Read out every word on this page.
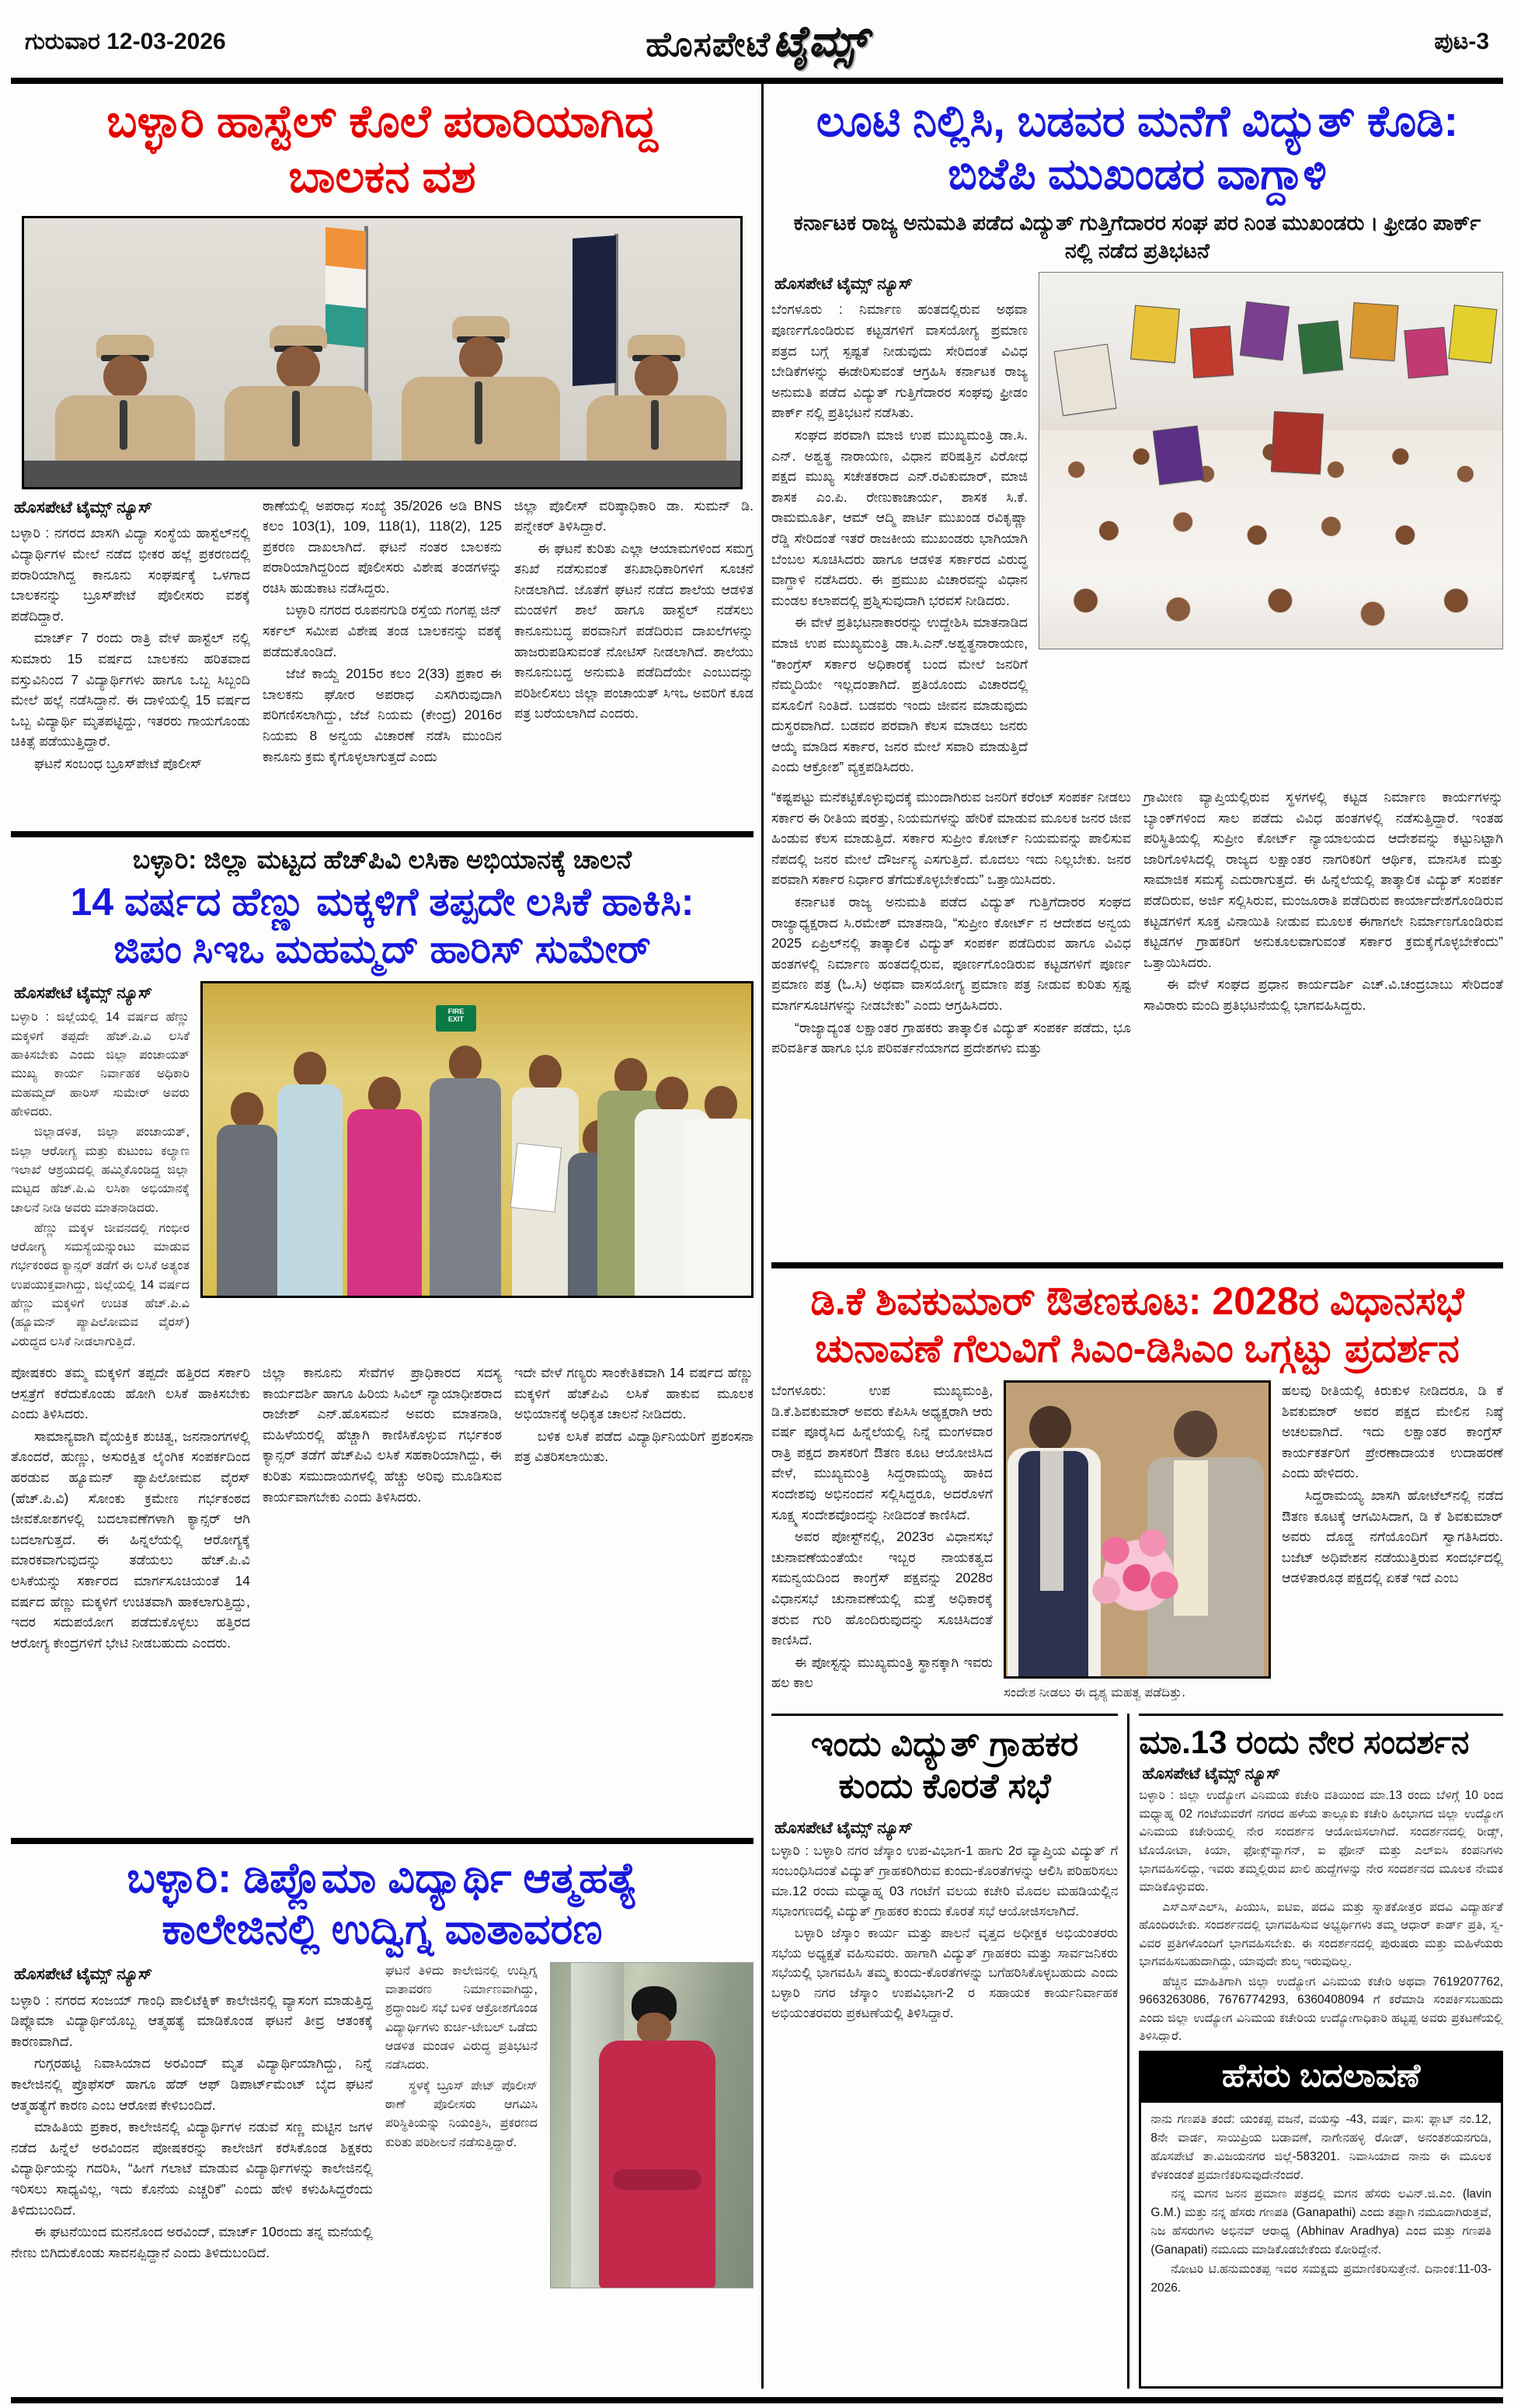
ಗುರುವಾರ 12-03-2026	ಹೊಸಪೇಟೆ ಟೈಮ್ಸ್	ಪುಟ-3
ಬಳ್ಳಾರಿ ಹಾಸ್ಟೆಲ್ ಕೊಲೆ ಪರಾರಿಯಾಗಿದ್ದ ಬಾಲಕನ ವಶ
ಹೊಸಪೇಟೆ ಟೈಮ್ಸ್ ನ್ಯೂಸ್

ಬಳ್ಳಾರಿ : ನಗರದ ಖಾಸಗಿ ವಿದ್ಯಾ ಸಂಸ್ಥೆಯ ಹಾಸ್ಟೆಲ್‌ನಲ್ಲಿ ವಿದ್ಯಾರ್ಥಿಗಳ ಮೇಲೆ ನಡೆದ ಭೀಕರ ಹಲ್ಲೆ ಪ್ರಕರಣದಲ್ಲಿ ಪರಾರಿಯಾಗಿದ್ದ ಕಾನೂನು ಸಂಘರ್ಷಕ್ಕೆ ಒಳಗಾದ ಬಾಲಕನನ್ನು ಬ್ರೂಸ್‌ಪೇಟೆ ಪೊಲೀಸರು ವಶಕ್ಕೆ ಪಡೆದಿದ್ದಾರೆ.

ಮಾರ್ಚ್ 7 ರಂದು ರಾತ್ರಿ ವೇಳೆ ಹಾಸ್ಟೆಲ್ ನಲ್ಲಿ ಸುಮಾರು 15 ವರ್ಷದ ಬಾಲಕನು ಹರಿತವಾದ ವಸ್ತುವಿನಿಂದ 7 ವಿದ್ಯಾರ್ಥಿಗಳು ಹಾಗೂ ಒಬ್ಬ ಸಿಬ್ಬಂದಿ ಮೇಲೆ ಹಲ್ಲೆ ನಡೆಸಿದ್ದಾನೆ. ಈ ದಾಳಿಯಲ್ಲಿ 15 ವರ್ಷದ ಒಬ್ಬ ವಿದ್ಯಾರ್ಥಿ ಮೃತಪಟ್ಟಿದ್ದು, ಇತರರು ಗಾಯಗೊಂಡು ಚಿಕಿತ್ಸೆ ಪಡೆಯುತ್ತಿದ್ದಾರೆ.

ಘಟನೆ ಸಂಬಂಧ ಬ್ರೂಸ್‌ಪೇಟೆ ಪೊಲೀಸ್

ಠಾಣೆಯಲ್ಲಿ ಅಪರಾಧ ಸಂಖ್ಯೆ 35/2026 ಅಡಿ BNS ಕಲಂ 103(1), 109, 118(1), 118(2), 125 ಪ್ರಕರಣ ದಾಖಲಾಗಿದೆ. ಘಟನೆ ನಂತರ ಬಾಲಕನು ಪರಾರಿಯಾಗಿದ್ದರಿಂದ ಪೊಲೀಸರು ವಿಶೇಷ ತಂಡಗಳನ್ನು ರಚಿಸಿ ಹುಡುಕಾಟ ನಡೆಸಿದ್ದರು.

ಬಳ್ಳಾರಿ ನಗರದ ರೂಪನಗುಡಿ ರಸ್ತೆಯ ಗಂಗಪ್ಪ ಜಿನ್ ಸರ್ಕಲ್ ಸಮೀಪ ವಿಶೇಷ ತಂಡ ಬಾಲಕನನ್ನು ವಶಕ್ಕೆ ಪಡೆದುಕೊಂಡಿದೆ.

ಜೆಜೆ ಕಾಯ್ದೆ 2015ರ ಕಲಂ 2(33) ಪ್ರಕಾರ ಈ ಬಾಲಕನು ಘೋರ ಅಪರಾಧ ಎಸಗಿರುವುದಾಗಿ ಪರಿಗಣಿಸಲಾಗಿದ್ದು, ಜೆಜೆ ನಿಯಮ (ಕೇಂದ್ರ) 2016ರ ನಿಯಮ 8 ಅನ್ವಯ ವಿಚಾರಣೆ ನಡೆಸಿ ಮುಂದಿನ ಕಾನೂನು ಕ್ರಮ ಕೈಗೊಳ್ಳಲಾಗುತ್ತದೆ ಎಂದು

ಜಿಲ್ಲಾ ಪೊಲೀಸ್ ವರಿಷ್ಠಾಧಿಕಾರಿ ಡಾ. ಸುಮನ್ ಡಿ. ಪನ್ನೇಕರ್ ತಿಳಿಸಿದ್ದಾರೆ.

ಈ ಘಟನೆ ಕುರಿತು ಎಲ್ಲಾ ಆಯಾಮಗಳಿಂದ ಸಮಗ್ರ ತನಿಖೆ ನಡೆಸುವಂತೆ ತನಿಖಾಧಿಕಾರಿಗಳಿಗೆ ಸೂಚನೆ ನೀಡಲಾಗಿದೆ. ಜೊತೆಗೆ ಘಟನೆ ನಡೆದ ಶಾಲೆಯ ಆಡಳಿತ ಮಂಡಳಿಗೆ ಶಾಲೆ ಹಾಗೂ ಹಾಸ್ಟೆಲ್ ನಡೆಸಲು ಕಾನೂನುಬದ್ಧ ಪರವಾನಿಗೆ ಪಡೆದಿರುವ ದಾಖಲೆಗಳನ್ನು ಹಾಜರುಪಡಿಸುವಂತೆ ನೋಟಿಸ್ ನೀಡಲಾಗಿದೆ. ಶಾಲೆಯು ಕಾನೂನುಬದ್ಧ ಅನುಮತಿ ಪಡೆದಿದೆಯೇ ಎಂಬುದನ್ನು ಪರಿಶೀಲಿಸಲು ಜಿಲ್ಲಾ ಪಂಚಾಯತ್ ಸಿಇಒ ಅವರಿಗೆ ಕೂಡ ಪತ್ರ ಬರೆಯಲಾಗಿದೆ ಎಂದರು.

ಬಳ್ಳಾರಿ: ಜಿಲ್ಲಾ ಮಟ್ಟದ ಹೆಚ್‌ಪಿವಿ ಲಸಿಕಾ ಅಭಿಯಾನಕ್ಕೆ ಚಾಲನೆ
14 ವರ್ಷದ ಹೆಣ್ಣು ಮಕ್ಕಳಿಗೆ ತಪ್ಪದೇ ಲಸಿಕೆ ಹಾಕಿಸಿ: ಜಿಪಂ ಸಿಇಒ ಮಹಮ್ಮದ್ ಹಾರಿಸ್ ಸುಮೇರ್
ಹೊಸಪೇಟೆ ಟೈಮ್ಸ್ ನ್ಯೂಸ್

ಬಳ್ಳಾರಿ : ಜಿಲ್ಲೆಯಲ್ಲಿ 14 ವರ್ಷದ ಹೆಣ್ಣು ಮಕ್ಕಳಿಗೆ ತಪ್ಪದೇ ಹೆಚ್.ಪಿ.ವಿ ಲಸಿಕೆ ಹಾಕಿಸಬೇಕು ಎಂದು ಜಿಲ್ಲಾ ಪಂಚಾಯತ್ ಮುಖ್ಯ ಕಾರ್ಯ ನಿರ್ವಾಹಕ ಅಧಿಕಾರಿ ಮಹಮ್ಮದ್ ಹಾರಿಸ್ ಸುಮೇರ್ ಅವರು ಹೇಳಿದರು.

ಜಿಲ್ಲಾಡಳಿತ, ಜಿಲ್ಲಾ ಪಂಚಾಯತ್, ಜಿಲ್ಲಾ ಆರೋಗ್ಯ ಮತ್ತು ಕುಟುಂಬ ಕಲ್ಯಾಣ ಇಲಾಖೆ ಆಶ್ರಯದಲ್ಲಿ ಹಮ್ಮಿಕೊಂಡಿದ್ದ ಜಿಲ್ಲಾ ಮಟ್ಟದ ಹೆಚ್.ಪಿ.ವಿ ಲಸಿಕಾ ಅಭಿಯಾನಕ್ಕೆ ಚಾಲನೆ ನೀಡಿ ಅವರು ಮಾತನಾಡಿದರು.

ಹೆಣ್ಣು ಮಕ್ಕಳ ಜೀವನದಲ್ಲಿ ಗಂಭೀರ ಆರೋಗ್ಯ ಸಮಸ್ಯೆಯನ್ನುಂಟು ಮಾಡುವ ಗರ್ಭಕಂಠದ ಕ್ಯಾನ್ಸರ್ ತಡೆಗೆ ಈ ಲಸಿಕೆ ಅತ್ಯಂತ ಉಪಯುಕ್ತವಾಗಿದ್ದು, ಜಿಲ್ಲೆಯಲ್ಲಿ 14 ವರ್ಷದ ಹೆಣ್ಣು ಮಕ್ಕಳಿಗೆ ಉಚಿತ ಹೆಚ್.ಪಿ.ವಿ (ಹ್ಯೂಮನ್ ಪ್ಯಾಪಿಲೋಮವ ವೈರಸ್) ವಿರುದ್ಧದ ಲಸಿಕೆ ನೀಡಲಾಗುತ್ತಿದೆ.

FIRE
EXIT

ಪೋಷಕರು ತಮ್ಮ ಮಕ್ಕಳಿಗೆ ತಪ್ಪದೇ ಹತ್ತಿರದ ಸರ್ಕಾರಿ ಆಸ್ಪತ್ರೆಗೆ ಕರೆದುಕೊಂಡು ಹೋಗಿ ಲಸಿಕೆ ಹಾಕಿಸಬೇಕು ಎಂದು ತಿಳಿಸಿದರು.

ಸಾಮಾನ್ಯವಾಗಿ ವೈಯಕ್ತಿಕ ಶುಚಿತ್ವ, ಜನನಾಂಗಗಳಲ್ಲಿ ತೊಂದರೆ, ಹುಣ್ಣು, ಅಸುರಕ್ಷಿತ ಲೈಂಗಿಕ ಸಂಪರ್ಕದಿಂದ ಹರಡುವ ಹ್ಯೂಮನ್ ಪ್ಯಾಪಿಲೋಮವ ವೈರಸ್ (ಹೆಚ್.ಪಿ.ವಿ) ಸೋಂಕು ಕ್ರಮೇಣ ಗರ್ಭಕಂಠದ ಜೀವಕೋಶಗಳಲ್ಲಿ ಬದಲಾವಣೆಗಳಾಗಿ ಕ್ಯಾನ್ಸರ್ ಆಗಿ ಬದಲಾಗುತ್ತದೆ. ಈ ಹಿನ್ನಲೆಯಲ್ಲಿ ಆರೋಗ್ಯಕ್ಕೆ ಮಾರಕವಾಗುವುದನ್ನು ತಡೆಯಲು ಹೆಚ್.ಪಿ.ವಿ ಲಸಿಕೆಯನ್ನು ಸರ್ಕಾರದ ಮಾರ್ಗಸೂಚಿಯಂತೆ 14 ವರ್ಷದ ಹೆಣ್ಣು ಮಕ್ಕಳಿಗೆ ಉಚಿತವಾಗಿ ಹಾಕಲಾಗುತ್ತಿದ್ದು, ಇದರ ಸದುಪಯೋಗ ಪಡೆದುಕೊಳ್ಳಲು ಹತ್ತಿರದ ಆರೋಗ್ಯ ಕೇಂದ್ರಗಳಿಗೆ ಭೇಟಿ ನೀಡಬಹುದು ಎಂದರು.

ಜಿಲ್ಲಾ ಕಾನೂನು ಸೇವೆಗಳ ಪ್ರಾಧಿಕಾರದ ಸದಸ್ಯ ಕಾರ್ಯದರ್ಶಿ ಹಾಗೂ ಹಿರಿಯ ಸಿವಿಲ್ ನ್ಯಾಯಾಧೀಶರಾದ ರಾಜೇಶ್ ಎನ್.ಹೊಸಮನೆ ಅವರು ಮಾತನಾಡಿ, ಮಹಿಳೆಯರಲ್ಲಿ ಹೆಚ್ಚಾಗಿ ಕಾಣಿಸಿಕೊಳ್ಳುವ ಗರ್ಭಕಂಠ ಕ್ಯಾನ್ಸರ್ ತಡೆಗೆ ಹೆಚ್‌ಪಿವಿ ಲಸಿಕೆ ಸಹಕಾರಿಯಾಗಿದ್ದು, ಈ ಕುರಿತು ಸಮುದಾಯಗಳಲ್ಲಿ ಹೆಚ್ಚು ಅರಿವು ಮೂಡಿಸುವ ಕಾರ್ಯವಾಗಬೇಕು ಎಂದು ತಿಳಿಸಿದರು.

ಇದೇ ವೇಳೆ ಗಣ್ಯರು ಸಾಂಕೇತಿಕವಾಗಿ 14 ವರ್ಷದ ಹೆಣ್ಣು ಮಕ್ಕಳಿಗೆ ಹೆಚ್‌ಪಿವಿ ಲಸಿಕೆ ಹಾಕುವ ಮೂಲಕ ಅಭಿಯಾನಕ್ಕೆ ಅಧಿಕೃತ ಚಾಲನೆ ನೀಡಿದರು.

ಬಳಿಕ ಲಸಿಕೆ ಪಡೆದ ವಿದ್ಯಾರ್ಥಿನಿಯರಿಗೆ ಪ್ರಶಂಸನಾ ಪತ್ರ ವಿತರಿಸಲಾಯಿತು.

ಬಳ್ಳಾರಿ: ಡಿಪ್ಲೊಮಾ ವಿದ್ಯಾರ್ಥಿ ಆತ್ಮಹತ್ಯೆ ಕಾಲೇಜಿನಲ್ಲಿ ಉದ್ವಿಗ್ನ ವಾತಾವರಣ
ಹೊಸಪೇಟೆ ಟೈಮ್ಸ್ ನ್ಯೂಸ್

ಬಳ್ಳಾರಿ : ನಗರದ ಸಂಜಯ್ ಗಾಂಧಿ ಪಾಲಿಟೆಕ್ನಿಕ್ ಕಾಲೇಜಿನಲ್ಲಿ ವ್ಯಾಸಂಗ ಮಾಡುತ್ತಿದ್ದ ಡಿಪ್ಲೊಮಾ ವಿದ್ಯಾರ್ಥಿಯೊಬ್ಬ ಆತ್ಮಹತ್ಯೆ ಮಾಡಿಕೊಂಡ ಘಟನೆ ತೀವ್ರ ಆತಂಕಕ್ಕೆ ಕಾರಣವಾಗಿದೆ.

ಗುಗ್ಗರಹಟ್ಟಿ ನಿವಾಸಿಯಾದ ಅರವಿಂದ್ ಮೃತ ವಿದ್ಯಾರ್ಥಿಯಾಗಿದ್ದು, ನಿನ್ನೆ ಕಾಲೇಜಿನಲ್ಲಿ ಪ್ರೊಫೆಸರ್ ಹಾಗೂ ಹೆಡ್ ಆಫ್ ಡಿಪಾರ್ಟ್‌ಮೆಂಟ್ ಬೈದ ಘಟನೆ ಆತ್ಮಹತ್ಯೆಗೆ ಕಾರಣ ಎಂಬ ಆರೋಪ ಕೇಳಿಬಂದಿದೆ.

ಮಾಹಿತಿಯ ಪ್ರಕಾರ, ಕಾಲೇಜಿನಲ್ಲಿ ವಿದ್ಯಾರ್ಥಿಗಳ ನಡುವೆ ಸಣ್ಣ ಮಟ್ಟಿನ ಜಗಳ ನಡೆದ ಹಿನ್ನೆಲೆ ಅರವಿಂದನ ಪೋಷಕರನ್ನು ಕಾಲೇಜಿಗೆ ಕರೆಸಿಕೊಂಡ ಶಿಕ್ಷಕರು ವಿದ್ಯಾರ್ಥಿಯನ್ನು ಗದರಿಸಿ, “ಹೀಗೆ ಗಲಾಟೆ ಮಾಡುವ ವಿದ್ಯಾರ್ಥಿಗಳನ್ನು ಕಾಲೇಜಿನಲ್ಲಿ ಇರಿಸಲು ಸಾಧ್ಯವಿಲ್ಲ, ಇದು ಕೊನೆಯ ಎಚ್ಚರಿಕೆ” ಎಂದು ಹೇಳಿ ಕಳುಹಿಸಿದ್ದರೆಂದು ತಿಳಿದುಬಂದಿದೆ.

ಈ ಘಟನೆಯಿಂದ ಮನನೊಂದ ಅರವಿಂದ್, ಮಾರ್ಚ್ 10ರಂದು ತನ್ನ ಮನೆಯಲ್ಲಿ ನೇಣು ಬಿಗಿದುಕೊಂಡು ಸಾವನಪ್ಪಿದ್ದಾನೆ ಎಂದು ತಿಳಿದುಬಂದಿದೆ.

ಘಟನೆ ತಿಳಿದು ಕಾಲೇಜಿನಲ್ಲಿ ಉದ್ವಿಗ್ನ ವಾತಾವರಣ ನಿರ್ಮಾಣವಾಗಿದ್ದು, ಶ್ರದ್ಧಾಂಜಲಿ ಸಭೆ ಬಳಿಕ ಆಕ್ರೋಶಗೊಂಡ ವಿದ್ಯಾರ್ಥಿಗಳು ಕುರ್ಚಿ-ಟೇಬಲ್ ಒಡೆದು ಆಡಳಿತ ಮಂಡಳಿ ವಿರುದ್ಧ ಪ್ರತಿಭಟನೆ ನಡೆಸಿದರು.

ಸ್ಥಳಕ್ಕೆ ಬ್ರೂಸ್ ಪೇಟ್ ಪೊಲೀಸ್ ಠಾಣೆ ಪೊಲೀಸರು ಆಗಮಿಸಿ ಪರಿಸ್ಥಿತಿಯನ್ನು ನಿಯಂತ್ರಿಸಿ, ಪ್ರಕರಣದ ಕುರಿತು ಪರಿಶೀಲನೆ ನಡೆಸುತ್ತಿದ್ದಾರೆ.

ಲೂಟಿ ನಿಲ್ಲಿಸಿ, ಬಡವರ ಮನೆಗೆ ವಿದ್ಯುತ್ ಕೊಡಿ: ಬಿಜೆಪಿ ಮುಖಂಡರ ವಾಗ್ದಾಳಿ
ಕರ್ನಾಟಕ ರಾಜ್ಯ ಅನುಮತಿ ಪಡೆದ ವಿದ್ಯುತ್ ಗುತ್ತಿಗೆದಾರರ ಸಂಘ ಪರ ನಿಂತ ಮುಖಂಡರು । ಫ್ರೀಡಂ ಪಾರ್ಕ್ ನಲ್ಲಿ ನಡೆದ ಪ್ರತಿಭಟನೆ
ಹೊಸಪೇಟೆ ಟೈಮ್ಸ್ ನ್ಯೂಸ್

ಬೆಂಗಳೂರು : ನಿರ್ಮಾಣ ಹಂತದಲ್ಲಿರುವ ಅಥವಾ ಪೂರ್ಣಗೊಂಡಿರುವ ಕಟ್ಟಡಗಳಿಗೆ ವಾಸಯೋಗ್ಯ ಪ್ರಮಾಣ ಪತ್ರದ ಬಗ್ಗೆ ಸ್ಪಷ್ಟತೆ ನೀಡುವುದು ಸೇರಿದಂತೆ ವಿವಿಧ ಬೇಡಿಕೆಗಳನ್ನು ಈಡೇರಿಸುವಂತೆ ಆಗ್ರಹಿಸಿ ಕರ್ನಾಟಕ ರಾಜ್ಯ ಅನುಮತಿ ಪಡೆದ ವಿದ್ಯುತ್ ಗುತ್ತಿಗೆದಾರರ ಸಂಘವು ಫ್ರೀಡಂ ಪಾರ್ಕ್ ನಲ್ಲಿ ಪ್ರತಿಭಟನೆ ನಡೆಸಿತು.

ಸಂಘದ ಪರವಾಗಿ ಮಾಜಿ ಉಪ ಮುಖ್ಯಮಂತ್ರಿ ಡಾ.ಸಿ. ಎನ್. ಅಶ್ವತ್ಥ ನಾರಾಯಣ, ವಿಧಾನ ಪರಿಷತ್ತಿನ ವಿರೋಧ ಪಕ್ಷದ ಮುಖ್ಯ ಸಚೇತಕರಾದ ಎನ್.ರವಿಕುಮಾರ್, ಮಾಜಿ ಶಾಸಕ ಎಂ.ಪಿ. ರೇಣುಕಾಚಾರ್ಯ, ಶಾಸಕ ಸಿ.ಕೆ. ರಾಮಮೂರ್ತಿ, ಆಮ್ ಆದ್ಮಿ ಪಾರ್ಟಿ ಮುಖಂಡ ರವಿಕೃಷ್ಣಾ ರೆಡ್ಡಿ ಸೇರಿದಂತೆ ಇತರೆ ರಾಜಕೀಯ ಮುಖಂಡರು ಭಾಗಿಯಾಗಿ ಬೆಂಬಲ ಸೂಚಿಸಿದರು ಹಾಗೂ ಆಡಳಿತ ಸರ್ಕಾರದ ವಿರುದ್ಧ ವಾಗ್ದಾಳಿ ನಡೆಸಿದರು. ಈ ಪ್ರಮುಖ ವಿಚಾರವನ್ನು ವಿಧಾನ ಮಂಡಲ ಕಲಾಪದಲ್ಲಿ ಪ್ರಶ್ನಿಸುವುದಾಗಿ ಭರವಸೆ ನೀಡಿದರು.

ಈ ವೇಳೆ ಪ್ರತಿಭಟನಾಕಾರರನ್ನು ಉದ್ದೇಶಿಸಿ ಮಾತನಾಡಿದ ಮಾಜಿ ಉಪ ಮುಖ್ಯಮಂತ್ರಿ ಡಾ.ಸಿ.ಎನ್.ಅಶ್ವತ್ಥನಾರಾಯಣ, “ಕಾಂಗ್ರೆಸ್ ಸರ್ಕಾರ ಅಧಿಕಾರಕ್ಕೆ ಬಂದ ಮೇಲೆ ಜನರಿಗೆ ನೆಮ್ಮದಿಯೇ ಇಲ್ಲದಂತಾಗಿದೆ. ಪ್ರತಿಯೊಂದು ವಿಚಾರದಲ್ಲಿ ವಸೂಲಿಗೆ ನಿಂತಿದೆ. ಬಡವರು ಇಂದು ಜೀವನ ಮಾಡುವುದು ದುಸ್ಥರವಾಗಿದೆ. ಬಡವರ ಪರವಾಗಿ ಕೆಲಸ ಮಾಡಲು ಜನರು ಆಯ್ಕೆ ಮಾಡಿದ ಸರ್ಕಾರ, ಜನರ ಮೇಲೆ ಸವಾರಿ ಮಾಡುತ್ತಿದೆ ಎಂದು ಆಕ್ರೋಶ” ವ್ಯಕ್ತಪಡಿಸಿದರು.

“ಕಷ್ಟಪಟ್ಟು ಮನೆಕಟ್ಟಿಕೊಳ್ಳುವುದಕ್ಕೆ ಮುಂದಾಗಿರುವ ಜನರಿಗೆ ಕರೆಂಟ್ ಸಂಪರ್ಕ ನೀಡಲು ಸರ್ಕಾರ ಈ ರೀತಿಯ ಷರತ್ತು, ನಿಯಮಗಳನ್ನು ಹೇರಿಕೆ ಮಾಡುವ ಮೂಲಕ ಜನರ ಜೀವ ಹಿಂಡುವ ಕೆಲಸ ಮಾಡುತ್ತಿದೆ. ಸರ್ಕಾರ ಸುಪ್ರೀಂ ಕೋರ್ಟ್ ನಿಯಮವನ್ನು ಪಾಲಿಸುವ ನೆಪದಲ್ಲಿ ಜನರ ಮೇಲೆ ದೌರ್ಜನ್ಯ ಎಸಗುತ್ತಿದೆ. ಮೊದಲು ಇದು ನಿಲ್ಲಬೇಕು. ಜನರ ಪರವಾಗಿ ಸರ್ಕಾರ ನಿರ್ಧಾರ ತೆಗೆದುಕೊಳ್ಳಬೇಕೆಂದು” ಒತ್ತಾಯಿಸಿದರು.

ಕರ್ನಾಟಕ ರಾಜ್ಯ ಅನುಮತಿ ಪಡೆದ ವಿದ್ಯುತ್ ಗುತ್ತಿಗೆದಾರರ ಸಂಘದ ರಾಜ್ಯಾಧ್ಯಕ್ಷರಾದ ಸಿ.ರಮೇಶ್ ಮಾತನಾಡಿ, “ಸುಪ್ರೀಂ ಕೋರ್ಟ್ ನ ಆದೇಶದ ಅನ್ವಯ 2025 ಏಪ್ರಿಲ್‌ನಲ್ಲಿ ತಾತ್ಕಾಲಿಕ ವಿದ್ಯುತ್ ಸಂಪರ್ಕ ಪಡೆದಿರುವ ಹಾಗೂ ವಿವಿಧ ಹಂತಗಳಲ್ಲಿ ನಿರ್ಮಾಣ ಹಂತದಲ್ಲಿರುವ, ಪೂರ್ಣಗೊಂಡಿರುವ ಕಟ್ಟಡಗಳಿಗೆ ಪೂರ್ಣ ಪ್ರಮಾಣ ಪತ್ರ (ಓ.ಸಿ) ಅಥವಾ ವಾಸಯೋಗ್ಯ ಪ್ರಮಾಣ ಪತ್ರ ನೀಡುವ ಕುರಿತು ಸ್ಪಷ್ಟ ಮಾರ್ಗಸೂಚಿಗಳನ್ನು ನೀಡಬೇಕು” ಎಂದು ಆಗ್ರಹಿಸಿದರು.

“ರಾಜ್ಯಾದ್ಯಂತ ಲಕ್ಷಾಂತರ ಗ್ರಾಹಕರು ತಾತ್ಕಾಲಿಕ ವಿದ್ಯುತ್ ಸಂಪರ್ಕ ಪಡೆದು, ಭೂ ಪರಿವರ್ತಿತ ಹಾಗೂ ಭೂ ಪರಿವರ್ತನೆಯಾಗದ ಪ್ರದೇಶಗಳು ಮತ್ತು

ಗ್ರಾಮೀಣ ವ್ಯಾಪ್ತಿಯಲ್ಲಿರುವ ಸ್ಥಳಗಳಲ್ಲಿ ಕಟ್ಟಡ ನಿರ್ಮಾಣ ಕಾರ್ಯಗಳನ್ನು ಬ್ಯಾಂಕ್‌ಗಳಿಂದ ಸಾಲ ಪಡೆದು ವಿವಿಧ ಹಂತಗಳಲ್ಲಿ ನಡೆಸುತ್ತಿದ್ದಾರೆ. ಇಂತಹ ಪರಿಸ್ಥಿತಿಯಲ್ಲಿ ಸುಪ್ರೀಂ ಕೋರ್ಟ್ ನ್ಯಾಯಾಲಯದ ಆದೇಶವನ್ನು ಕಟ್ಟುನಿಟ್ಟಾಗಿ ಜಾರಿಗೊಳಿಸಿದಲ್ಲಿ ರಾಜ್ಯದ ಲಕ್ಷಾಂತರ ನಾಗರಿಕರಿಗೆ ಆರ್ಥಿಕ, ಮಾನಸಿಕ ಮತ್ತು ಸಾಮಾಜಿಕ ಸಮಸ್ಯೆ ಎದುರಾಗುತ್ತದೆ. ಈ ಹಿನ್ನೆಲೆಯಲ್ಲಿ ತಾತ್ಕಾಲಿಕ ವಿದ್ಯುತ್ ಸಂಪರ್ಕ ಪಡೆದಿರುವ, ಅರ್ಜಿ ಸಲ್ಲಿಸಿರುವ, ಮಂಜೂರಾತಿ ಪಡೆದಿರುವ ಕಾರ್ಯಾದೇಶಗೊಂಡಿರುವ ಕಟ್ಟಡಗಳಿಗೆ ಸೂಕ್ತ ವಿನಾಯಿತಿ ನೀಡುವ ಮೂಲಕ ಈಗಾಗಲೇ ನಿರ್ಮಾಣಗೊಂಡಿರುವ ಕಟ್ಟಡಗಳ ಗ್ರಾಹಕರಿಗೆ ಅನುಕೂಲವಾಗುವಂತೆ ಸರ್ಕಾರ ಕ್ರಮಕೈಗೊಳ್ಳಬೇಕೆಂದು” ಒತ್ತಾಯಿಸಿದರು.

ಈ ವೇಳೆ ಸಂಘದ ಪ್ರಧಾನ ಕಾರ್ಯದರ್ಶಿ ಎಚ್.ವಿ.ಚಂದ್ರಬಾಬು ಸೇರಿದಂತೆ ಸಾವಿರಾರು ಮಂದಿ ಪ್ರತಿಭಟನೆಯಲ್ಲಿ ಭಾಗವಹಿಸಿದ್ದರು.

ಡಿ.ಕೆ ಶಿವಕುಮಾರ್ ಔತಣಕೂಟ: 2028ರ ವಿಧಾನಸಭೆ ಚುನಾವಣೆ ಗೆಲುವಿಗೆ ಸಿಎಂ-ಡಿಸಿಎಂ ಒಗ್ಗಟ್ಟು ಪ್ರದರ್ಶನ

ಬೆಂಗಳೂರು: ಉಪ ಮುಖ್ಯಮಂತ್ರಿ, ಡಿ.ಕೆ.ಶಿವಕುಮಾರ್ ಅವರು ಕೆಪಿಸಿಸಿ ಅಧ್ಯಕ್ಷರಾಗಿ ಆರು ವರ್ಷ ಪೂರೈಸಿದ ಹಿನ್ನೆಲೆಯಲ್ಲಿ ನಿನ್ನೆ ಮಂಗಳವಾರ ರಾತ್ರಿ ಪಕ್ಷದ ಶಾಸಕರಿಗೆ ಔತಣ ಕೂಟ ಆಯೋಜಿಸಿದ ವೇಳೆ, ಮುಖ್ಯಮಂತ್ರಿ ಸಿದ್ದರಾಮಯ್ಯ ಹಾಕಿದ ಸಂದೇಶವು ಅಭಿನಂದನೆ ಸಲ್ಲಿಸಿದ್ದರೂ, ಅದರೊಳಗೆ ಸೂಕ್ಷ್ಮ ಸಂದೇಶವೊಂದನ್ನು ನೀಡಿದಂತೆ ಕಾಣಿಸಿದೆ.

ಅವರ ಪೋಸ್ಟ್‌ನಲ್ಲಿ, 2023ರ ವಿಧಾನಸಭೆ ಚುನಾವಣೆಯಂತೆಯೇ ಇಬ್ಬರ ನಾಯಕತ್ವದ ಸಮನ್ವಯದಿಂದ ಕಾಂಗ್ರೆಸ್ ಪಕ್ಷವನ್ನು 2028ರ ವಿಧಾನಸಭೆ ಚುನಾವಣೆಯಲ್ಲಿ ಮತ್ತೆ ಅಧಿಕಾರಕ್ಕೆ ತರುವ ಗುರಿ ಹೊಂದಿರುವುದನ್ನು ಸೂಚಿಸಿದಂತೆ ಕಾಣಿಸಿದೆ.

ಈ ಪೋಸ್ಟನ್ನು ಮುಖ್ಯಮಂತ್ರಿ ಸ್ಥಾನಕ್ಕಾಗಿ ಇವರು ಹಲ ಕಾಲ

ಸಂದೇಶ ನೀಡಲು ಈ ದೃಶ್ಯ ಮಹತ್ವ ಪಡೆದಿತ್ತು.

ಹಲವು ರೀತಿಯಲ್ಲಿ ಕಿರುಕುಳ ನೀಡಿದರೂ, ಡಿ ಕೆ ಶಿವಕುಮಾರ್ ಅವರ ಪಕ್ಷದ ಮೇಲಿನ ನಿಷ್ಠೆ ಅಚಲವಾಗಿದೆ. ಇದು ಲಕ್ಷಾಂತರ ಕಾಂಗ್ರೆಸ್ ಕಾರ್ಯಕರ್ತರಿಗೆ ಪ್ರೇರಣಾದಾಯಕ ಉದಾಹರಣೆ ಎಂದು ಹೇಳಿದರು.

ಸಿದ್ದರಾಮಯ್ಯ ಖಾಸಗಿ ಹೋಟೆಲ್‌ನಲ್ಲಿ ನಡೆದ ಔತಣ ಕೂಟಕ್ಕೆ ಆಗಮಿಸಿದಾಗ, ಡಿ ಕೆ ಶಿವಕುಮಾರ್ ಅವರು ದೊಡ್ಡ ನಗೆಯೊಂದಿಗೆ ಸ್ವಾಗತಿಸಿದರು. ಬಜೆಟ್ ಅಧಿವೇಶನ ನಡೆಯುತ್ತಿರುವ ಸಂದರ್ಭದಲ್ಲಿ ಆಡಳಿತಾರೂಢ ಪಕ್ಷದಲ್ಲಿ ಏಕತೆ ಇದೆ ಎಂಬ

ಇಂದು ವಿದ್ಯುತ್ ಗ್ರಾಹಕರ ಕುಂದು ಕೊರತೆ ಸಭೆ
ಹೊಸಪೇಟೆ ಟೈಮ್ಸ್ ನ್ಯೂಸ್

ಬಳ್ಳಾರಿ : ಬಳ್ಳಾರಿ ನಗರ ಜೆಸ್ಕಾಂ ಉಪ-ವಿಭಾಗ-1 ಹಾಗು 2ರ ವ್ಯಾಪ್ತಿಯ ವಿದ್ಯುತ್ ಗೆ ಸಂಬಂಧಿಸಿದಂತೆ ವಿದ್ಯುತ್ ಗ್ರಾಹಕರಿಗಿರುವ ಕುಂದು-ಕೊರತೆಗಳನ್ನು ಆಲಿಸಿ ಪರಿಹರಿಸಲು ಮಾ.12 ರಂದು ಮಧ್ಯಾಹ್ನ 03 ಗಂಟೆಗೆ ವಲಯ ಕಚೇರಿ ಮೊದಲ ಮಹಡಿಯಲ್ಲಿನ ಸಭಾಂಗಣದಲ್ಲಿ ವಿದ್ಯುತ್ ಗ್ರಾಹಕರ ಕುಂದು ಕೊರತೆ ಸಭೆ ಆಯೋಜಿಸಲಾಗಿದೆ.

ಬಳ್ಳಾರಿ ಜೆಸ್ಕಾಂ ಕಾರ್ಯ ಮತ್ತು ಪಾಲನೆ ವೃತ್ತದ ಅಧೀಕ್ಷಕ ಅಭಿಯಂತರರು ಸಭೆಯ ಅಧ್ಯಕ್ಷತೆ ವಹಿಸುವರು. ಹಾಗಾಗಿ ವಿದ್ಯುತ್ ಗ್ರಾಹಕರು ಮತ್ತು ಸಾರ್ವಜನಿಕರು ಸಭೆಯಲ್ಲಿ ಭಾಗವಹಿಸಿ ತಮ್ಮ ಕುಂದು-ಕೊರತೆಗಳನ್ನು ಬಗೆಹರಿಸಿಕೊಳ್ಳಬಹುದು ಎಂದು ಬಳ್ಳಾರಿ ನಗರ ಜೆಸ್ಕಾಂ ಉಪವಿಭಾಗ-2 ರ ಸಹಾಯಕ ಕಾರ್ಯನಿರ್ವಾಹಕ ಅಭಿಯಂತರವರು ಪ್ರಕಟಣೆಯಲ್ಲಿ ತಿಳಿಸಿದ್ದಾರೆ.

ಮಾ.13 ರಂದು ನೇರ ಸಂದರ್ಶನ
ಹೊಸಪೇಟೆ ಟೈಮ್ಸ್ ನ್ಯೂಸ್

ಬಳ್ಳಾರಿ : ಜಿಲ್ಲಾ ಉದ್ಯೋಗ ವಿನಿಮಯ ಕಚೇರಿ ವತಿಯಿಂದ ಮಾ.13 ರಂದು ಬೆಳಿಗ್ಗೆ 10 ರಿಂದ ಮಧ್ಯಾಹ್ನ 02 ಗಂಟೆಯವರೆಗೆ ನಗರದ ಹಳೆಯ ತಾಲ್ಲೂಕು ಕಚೇರಿ ಹಿಂಭಾಗದ ಜಿಲ್ಲಾ ಉದ್ಯೋಗ ವಿನಿಮಯ ಕಚೇರಿಯಲ್ಲಿ ನೇರ ಸಂದರ್ಶನ ಆಯೋಜಿಸಲಾಗಿದೆ. ಸಂದರ್ಶನದಲ್ಲಿ ರೀಡ್ಸ್, ಟೊಯೋಟಾ, ಕಿಯಾ, ಫೋಕ್ಸ್‌ವ್ಯಾಗನ್, ಐ ಫೋನ್ ಮತ್ತು ಎಲ್‌ಐಸಿ ಕಂಪನಿಗಳು ಭಾಗವಹಿಸಲಿದ್ದು, ಇವರು ತಮ್ಮಲ್ಲಿರುವ ಖಾಲಿ ಹುದ್ದೆಗಳನ್ನು ನೇರ ಸಂದರ್ಶನದ ಮೂಲಕ ನೇಮಕ ಮಾಡಿಕೊಳ್ಳುವರು.

ಎಸ್‌ಎಸ್‌ಎಲ್‌ಸಿ, ಪಿಯುಸಿ, ಐಟಿಐ, ಪದವಿ ಮತ್ತು ಸ್ನಾತಕೋತ್ತರ ಪದವಿ ವಿದ್ಯಾರ್ಹತೆ ಹೊಂದಿರಬೇಕು. ಸಂದರ್ಶನದಲ್ಲಿ ಭಾಗವಹಿಸುವ ಅಭ್ಯರ್ಥಿಗಳು ತಮ್ಮ ಆಧಾರ್ ಕಾರ್ಡ್ ಪ್ರತಿ, ಸ್ವ-ವಿವರ ಪ್ರತಿಗಳೊಂದಿಗೆ ಭಾಗವಹಿಸಬೇಕು. ಈ ಸಂದರ್ಶನದಲ್ಲಿ ಪುರುಷರು ಮತ್ತು ಮಹಿಳೆಯರು ಭಾಗವಹಿಸಬಹುದಾಗಿದ್ದು, ಯಾವುದೇ ಶುಲ್ಕ ಇರುವುದಿಲ್ಲ.

ಹೆಚ್ಚಿನ ಮಾಹಿತಿಗಾಗಿ ಜಿಲ್ಲಾ ಉದ್ಯೋಗ ವಿನಿಮಯ ಕಚೇರಿ ಅಥವಾ 7619207762, 9663263086, 7676774293, 6360408094 ಗೆ ಕರೆಮಾಡಿ ಸಂಪರ್ಕಿಸಬಹುದು ಎಂದು ಜಿಲ್ಲಾ ಉದ್ಯೋಗ ವಿನಿಮಯ ಕಚೇರಿಯ ಉದ್ಯೋಗಾಧಿಕಾರಿ ಹಟ್ಟಪ್ಪ ಅವರು ಪ್ರಕಟಣೆಯಲ್ಲಿ ತಿಳಿಸಿದ್ದಾರೆ.

ಹೆಸರು ಬದಲಾವಣೆ

ನಾನು ಗಣಪತಿ ತಂದೆ: ಯಂಕಪ್ಪ ವಜನೆ, ವಯಸ್ಸು -43, ವರ್ಷ, ವಾಸ: ಫ್ಲಾಟ್ ನಂ.12, 8ನೇ ವಾರ್ಡ, ಸಾಯಿಪ್ರಿಯ ಬಡಾವಣೆ, ನಾಗೇನಹಳ್ಳಿ ರೋಡ್, ಅನಂತಶಯನಗುಡಿ, ಹೊಸಪೇಟೆ ತಾ.ವಿಜಯನಗರ ಜಿಲ್ಲೆ-583201. ನಿವಾಸಿಯಾದ ನಾನು ಈ ಮೂಲಕ ಕೆಳಕಂಡಂತೆ ಪ್ರಮಾಣಿಕರಿಸುವುದೇನೆಂದರೆ.

ನನ್ನ ಮಗನ ಜನನ ಪ್ರಮಾಣ ಪತ್ರದಲ್ಲಿ ಮಗನ ಹೆಸರು ಲವಿನ್.ಜಿ.ಎಂ. (lavin G.M.) ಮತ್ತು ನನ್ನ ಹೆಸರು ಗಣಪತಿ (Ganapathi) ಎಂದು ತಪ್ಪಾಗಿ ನಮೂದಾಗಿರುತ್ತವೆ, ನಿಜ ಹೆಸರುಗಳು ಅಭಿನವ್ ಆರಾಧ್ಯ (Abhinav Aradhya) ಎಂದ ಮತ್ತು ಗಣಪತಿ (Ganapati) ನಮೂದು ಮಾಡಿಕೊಡಬೇಕೆಂದು ಕೋರಿದ್ದೇನೆ.

ನೋಟರಿ ಟಿ.ಹನುಮಂತಪ್ಪ ಇವರ ಸಮಕ್ಷಮ ಪ್ರಮಾಣಿಕರಿಸುತ್ತೇನೆ. ದಿನಾಂಕ:11-03-2026.
